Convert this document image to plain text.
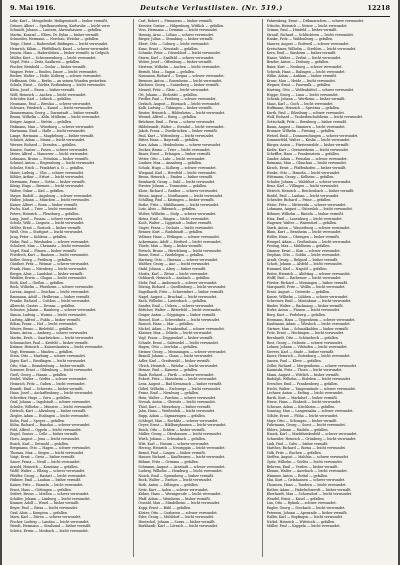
9. Mai 1916.	Deutsche Verlustlisten. (Nr. 519.)	12218
Lehr, Karl — Mengelrode, Heiligenstadt — bisher vermißt,
Grüner, Albert — Spielhauserberg, Karlsruhe — leicht verw.
Schmidt, Johann — Lautern, Ahrenshausen — gefallen.
Martin, Konrad — Ellers, Dt. Eylau — bisher vermißt.
Schneider, Hermann — Nerchau, Wetzlar — gefallen.
Teige, Christ — Rodersdorf, Büdingen — leicht verwundet.
Heinrich, Kilian — Pfeffelbach, Kusel — schwer verwundet.
Jensen, Hans — Hadersleben — bisher vermißt, in Gefgsch.
Müller, Kurt — Schwarzenberg — leicht verwundet.
Vogel, Fritz — Zeitz, Saalkreis — gefallen.
Fischer, Reinhold — Goslar — bisher vermißt.
Wagner, Peter — Emden, Dauer — leicht verwundet.
Becker, Walter — Holte, Kolberg — schwer verwundet.
Hoffmann, Otto — Berlin — an seinen Wunden gestorben.
Schulz, Ernst — Görlitz, Rothenburg — leicht verwundet.
Klein, Josef — Essen — bisher vermißt.
Wolf, Heinrich — Aachen — leicht verwundet.
Schröder, Karl — Lübeck — gefallen.
Neumann, Paul — Breslau — schwer verwundet.
Schwarz, Friedrich — Kassel — leicht verwundet.
Zimmermann, Georg — Darmstadt — bisher vermißt.
Braun, Wilhelm — Köln, Mülheim — leicht verwundet.
Krüger, August — Stettin — gefallen.
Hofmann, Max — Würzburg — schwer verwundet.
Hartmann, Emil — Halle — leicht verwundet.
Lange, Hermann — Magdeburg — bisher vermißt.
Schmitt, Adam — Mainz — leicht verwundet.
Werner, Richard — Dresden — gefallen.
Krause, Gustav — Posen — schwer verwundet.
Meier, Alfred — Hannover — leicht verwundet.
Lehmann, Bruno — Potsdam — bisher vermißt.
Schmid, Anton — Regensburg — leicht verwundet.
Schulze, Erich — Frankfurt a. O. — gefallen.
Maier, Ludwig — Ulm — schwer verwundet.
Köhler, Arthur — Erfurt — leicht verwundet.
Herrmann, Franz — Gotha — bisher vermißt.
König, Hugo — Bremen — leicht verwundet.
Walter, Oskar — Kiel — gefallen.
Mayer, Rudolf — Augsburg — schwer verwundet.
Huber, Johann — München — leicht verwundet.
Kaiser, Albert — Bonn — bisher vermißt.
Fuchs, Karl — Trier — leicht verwundet.
Peters, Heinrich — Flensburg — gefallen.
Lang, Josef — Passau — schwer verwundet.
Scholz, Willi — Liegnitz — leicht verwundet.
Möller, Ernst — Rostock — bisher vermißt.
Weiß, Otto — Stuttgart — leicht verwundet.
Jung, Peter — Koblenz — gefallen.
Hahn, Paul — Wiesbaden — schwer verwundet.
Schubert, Max — Chemnitz — leicht verwundet.
Vogel, Emil — Plauen — bisher vermißt.
Friedrich, Kurt — Bautzen — leicht verwundet.
Keller, Georg — Freiburg — gefallen.
Günther, Fritz — Weimar — schwer verwundet.
Frank, Hans — Nürnberg — leicht verwundet.
Berger, Alois — Landshut — bisher vermißt.
Winkler, Erwin — Glogau — leicht verwundet.
Roth, Karl — Gießen — gefallen.
Beck, Wilhelm — Pforzheim — schwer verwundet.
Lorenz, August — Zwickau — leicht verwundet.
Baumann, Adolf — Heilbronn — bisher vermißt.
Franke, Richard — Cottbus — leicht verwundet.
Albrecht, Gustav — Dessau — gefallen.
Schuster, Johann — Bamberg — schwer verwundet.
Simon, Ludwig — Worms — leicht verwundet.
Ludwig, Alfred — Fulda — bisher vermißt.
Böhm, Franz — Hof — leicht verwundet.
Winter, Bruno — Bielefeld — gefallen.
Kraus, Anton — Amberg — schwer verwundet.
Martin, Erich — Saarbrücken — leicht verwundet.
Schumacher, Paul — Krefeld — bisher vermißt.
Krämer, Heinrich — Kaiserslautern — leicht verwundet.
Vogt, Hermann — Minden — gefallen.
Stein, Otto — Marburg — schwer verwundet.
Jäger, Karl — Reutlingen — leicht verwundet.
Otto, Max — Brandenburg — bisher vermißt.
Sommer, Ernst — Oldenburg — leicht verwundet.
Groß, Georg — Hanau — gefallen.
Seidel, Walter — Görlitz — schwer verwundet.
Heinrich, Fritz — Guben — leicht verwundet.
Brandt, Emil — Schwerin — bisher vermißt.
Haas, Josef — Aschaffenburg — leicht verwundet.
Schreiber, Hugo — Gera — gefallen.
Graf, Johann — Ingolstadt — schwer verwundet.
Schulte, Wilhelm — Münster — leicht verwundet.
Dietrich, Kurt — Altenburg — bisher vermißt.
Ziegler, Adam — Esslingen — leicht verwundet.
Kuhn, Paul — Speyer — gefallen.
Kühn, Richard — Bunzlau — schwer verwundet.
Pohl, Alfred — Oppeln — leicht verwundet.
Engel, Gustav — Celle — bisher vermißt.
Horn, August — Jena — leicht verwundet.
Busch, Karl — Detmold — gefallen.
Bergmann, Otto — Hagen — schwer verwundet.
Thomas, Max — Siegen — leicht verwundet.
Voigt, Ernst — Greiz — bisher vermißt.
Sauer, Franz — Neuß — leicht verwundet.
Arnold, Heinrich — Konstanz — gefallen.
Wolff, Walter — Elbing — schwer verwundet.
Pfeiffer, Georg — Rastatt — leicht verwundet.
Hübner, Emil — Lauban — bisher vermißt.
Kaiser, Fritz — Hameln — leicht verwundet.
Ernst, Hans — Göttingen — gefallen.
Seifert, Bruno — Meißen — schwer verwundet.
Schäfer, Johann — Limburg — leicht verwundet.
Kramer, Adolf — Wesel — bisher vermißt.
Beyer, Paul — Riesa — leicht verwundet.
Graf, Alois — Kempten — gefallen.
Marx, Karl — Düren — schwer verwundet.
Fischer, Ludwig — Landau — leicht verwundet.
Wendt, Hermann — Stralsund — bisher vermißt.
Schütz, Erwin — Mosbach — leicht verwundet.
Carl, Robert — Pirmasens — bisher vermißt.
Kreuter, Gustav — Hilgenburg, Wittlich — gefallen.
Voss, Hermann — Demmin — leicht verwundet.
Hennig, Arno — Löbau — schwer verwundet.
Rieger, Julius — Straubing — bisher vermißt.
Ebert, Otto — Coburg — leicht verwundet.
Kunz, Ernst — Neustadt — gefallen.
Schmitz, Peter — Düsseldorf — leicht verwundet.
Sturm, Karl — Saalfeld — schwer verwundet.
Weber, Josef — Offenburg — bisher vermißt.
Mertens, Wilhelm — Aachen — leicht verwundet.
Berndt, Max — Sagan — gefallen.
Naumann, Richard — Torgau — schwer verwundet.
Brenner, Anton — Rosenheim — leicht verwundet.
Kirchner, Georg — Sonneberg — bisher vermißt.
Menzel, Fritz — Glatz — leicht verwundet.
Ott, Johann — Eichstätt — gefallen.
Fiedler, Paul — Freiberg — schwer verwundet.
Gerlach, August — Eisenach — leicht verwundet.
Kolb, Ludwig — Tübingen — bisher vermißt.
Reuter, Heinrich — Hildesheim — leicht verwundet.
Wenzel, Alfred — Brieg — gefallen.
Brückner, Emil — Pirna — schwer verwundet.
Hildebrandt, Walter — Stendal — leicht verwundet.
Jakob, Franz — Zweibrücken — bisher vermißt.
Paul, Kurt — Wittenberg — leicht verwundet.
Ritter, Hans — Bayreuth — gefallen.
Kurz, Adam — Heidenheim — schwer verwundet.
Decker, Bruno — Trier — leicht verwundet.
Bauer, Ernst — Erlangen — bisher vermißt.
Vetter, Otto — Lahr — leicht verwundet.
Lindner, Max — Annaberg — gefallen.
Schulz, Hugo — Kolberg — schwer verwundet.
Wiegand, Karl — Hersfeld — leicht verwundet.
Bruns, Heinrich — Emden — bisher vermißt.
Reinhardt, Georg — Suhl — leicht verwundet.
Forster, Johann — Traunstein — gefallen.
Klose, Richard — Ratibor — schwer verwundet.
Hesse, August — Nordhausen — leicht verwundet.
Schilling, Paul — Kitzingen — bisher vermißt.
Rothe, Fritz — Mühlhausen — leicht verwundet.
Lutz, Alois — Biberach — gefallen.
Wolter, Wilhelm — Stolp — schwer verwundet.
Heinz, Emil — Bingen — leicht verwundet.
Koch, Walter — Lippstadt — bisher vermißt.
Unger, Franz — Oschatz — leicht verwundet.
Renner, Kurt — Rudolstadt — gefallen.
Vollmer, Hans — Ettlingen — schwer verwundet.
Ackermann, Adolf — Herford — leicht verwundet.
Thiele, Max — Burg — bisher vermißt.
Pietsch, Bruno — Hirschberg — leicht verwundet.
Busse, Ernst — Gardelegen — gefallen.
Hartung, Otto — Ilmenau — schwer verwundet.
Walther, Georg — Aue — leicht verwundet.
Stahl, Johann — Alzey — bisher vermißt.
Moritz, Karl — Zittau — leicht verwundet.
Gebhardt, Heinrich — Ansbach — gefallen.
Mohr, Paul — Andernach — schwer verwundet.
Döring, Richard — Quedlinburg — leicht verwundet.
Engelhardt, Fritz — Schweinfurt — bisher vermißt.
Nagel, August — Bruchsal — leicht verwundet.
Bach, Wilhelm — Lauterbach — gefallen.
Sander, Emil — Uelzen — schwer verwundet.
Böttcher, Walter — Bitterfeld — leicht verwundet.
Geiger, Anton — Göppingen — bisher vermißt.
Hensel, Kurt — Schweidnitz — leicht verwundet.
Rausch, Hans — Idar — gefallen.
Michel, Adam — Frankenthal — schwer verwundet.
Kästner, Max — Döbeln — leicht verwundet.
Vogl, Franz — Deggendorf — bisher vermißt.
Schade, Ernst — Salzwedel — leicht verwundet.
Hagen, Otto — Iserlohn — gefallen.
Steiner, Georg — Memmingen — schwer verwundet.
Brandl, Johann — Cham — leicht verwundet.
Adler, Karl — Greifswald — bisher vermißt.
Ulrich, Heinrich — Wetzlar — leicht verwundet.
Heinze, Paul — Kamenz — gefallen.
Raab, Richard — Fürth — schwer verwundet.
Eckert, Fritz — Mannheim — leicht verwundet.
Lenz, August — Bad Kreuznach — bisher vermißt.
Göbel, Wilhelm — Eschwege — leicht verwundet.
Franz, Emil — Nienburg — gefallen.
Hein, Walter — Parchim — schwer verwundet.
Nowak, Anton — Gleiwitz — leicht verwundet.
Thiel, Kurt — Merseburg — bisher vermißt.
Jahn, Hans — Weißenfels — leicht verwundet.
Rupp, Adam — Sigmaringen — gefallen.
Schlegel, Max — Rochlitz — schwer verwundet.
Geyer, Ernst — Hildburghausen — leicht verwundet.
Reich, Otto — Schleiz — bisher vermißt.
Müller, Georg — Oberhausen — leicht verwundet.
Wirth, Johann — Schwabach — gefallen.
Witt, Karl — Husum — schwer verwundet.
Herzog, Heinrich — Neuruppin — leicht verwundet.
Brand, Paul — Lingen — bisher vermißt.
Hauser, Richard — Kaufbeuren — leicht verwundet.
Böhme, Fritz — Grimma — gefallen.
Schramm, August — Arnstadt — schwer verwundet.
Ludwig, Wilhelm — Homburg — leicht verwundet.
Noack, Emil — Spremberg — bisher vermißt.
Bock, Walter — Itzehoe — leicht verwundet.
Roth, Anton — Dillingen — gefallen.
Seitz, Kurt — Aalen — schwer verwundet.
Kühne, Hans — Wernigerode — leicht verwundet.
Pfaff, Adam — Weinheim — bisher vermißt.
Oswald, Max — Mindelheim — leicht verwundet.
Kopp, Ernst — Bühl — gefallen.
Köster, Otto — Cuxhaven — schwer verwundet.
Eder, Georg — Mühldorf — leicht verwundet.
Hentschel, Johann — Sorau — bisher vermißt.
Burkhardt, Karl — Lörrach — leicht verwundet.
Fahrenkrug, Ernst — Dithmarschen — schwer verwundet.
Nitsche, Heinrich — Neisse — leicht verwundet.
Grimm, Paul — Hünfeld — bisher vermißt.
Strauß, Richard — Schlüchtern — leicht verwundet.
Hanke, Fritz — Waldenburg — gefallen.
Maurer, August — Rottweil — schwer verwundet.
Kretschmer, Wilhelm — Strehlen — leicht verwundet.
Kern, Emil — Sinsheim — bisher vermißt.
Haase, Walter — Zerbst — leicht verwundet.
Bender, Anton — Dieburg — gefallen.
Baier, Kurt — Neuburg — schwer verwundet.
Schwab, Hans — Balingen — leicht verwundet.
Wilke, Adam — Anklam — bisher vermißt.
Kruse, Max — Heide — leicht verwundet.
Wegner, Ernst — Pasewalk — gefallen.
Hartwig, Otto — Wolfenbüttel — schwer verwundet.
Hoppe, Georg — Lissa — leicht verwundet.
Schenk, Johann — Wertheim — bisher vermißt.
Maas, Karl — Goch — leicht verwundet.
Hoffmann, Heinrich — Sprottau — gefallen.
Kurth, Paul — Eilenburg — schwer verwundet.
Wolf, Richard — Tauberbischofsheim — leicht verwundet.
Gottschalk, Fritz — Bernburg — bisher vermißt.
Baum, August — Simmern — leicht verwundet.
Brunner, Wilhelm — Freising — gefallen.
Wetzel, Emil — Donaueschingen — schwer verwundet.
Sommerfeld, Walter — Köslin — leicht verwundet.
Bürger, Anton — Fürstenwalde — bisher vermißt.
Kiefer, Kurt — Germersheim — leicht verwundet.
Scheffler, Hans — Frankenstein — gefallen.
Zander, Adam — Prenzlau — schwer verwundet.
Reimann, Max — Glauchau — leicht verwundet.
Kirsch, Ernst — Pfaffenhofen — bisher vermißt.
Henke, Otto — Hameln — leicht verwundet.
Wittmann, Georg — Kelheim — gefallen.
Schuler, Johann — Waldshut — schwer verwundet.
Benz, Karl — Villingen — leicht verwundet.
Dittrich, Heinrich — Reichenbach — bisher vermißt.
Riedel, Paul — Lauban — leicht verwundet.
Schrader, Richard — Peine — gefallen.
Weise, Fritz — Mittweida — schwer verwundet.
Lohmann, August — Gütersloh — leicht verwundet.
Böhmer, Wilhelm — Rinteln — bisher vermißt.
Hinz, Emil — Lauenburg — leicht verwundet.
Wagener, Walter — Warendorf — gefallen.
Stark, Anton — Wasserburg — schwer verwundet.
Blum, Kurt — Bensheim — leicht verwundet.
Heller, Hans — Öhringen — bisher vermißt.
Hempel, Adam — Großenhain — leicht verwundet.
Freitag, Max — Mühlheim — gefallen.
Zimmer, Ernst — Kirn — schwer verwundet.
Stephan, Otto — Soldin — leicht verwundet.
Arndt, Georg — Belgard — bisher vermißt.
Schott, Johann — Alsfeld — leicht verwundet.
Hummel, Karl — Nagold — gefallen.
Reiter, Heinrich — Altötting — schwer verwundet.
Wolff, Paul — Rathenow — leicht verwundet.
Förster, Richard — Meiningen — bisher vermißt.
Marquardt, Fritz — Wollin — leicht verwundet.
Ernst, August — Osterode — gefallen.
Kunze, Wilhelm — Lübben — schwer verwundet.
Schreiner, Emil — Montabaur — leicht verwundet.
Binder, Walter — Backnang — bisher vermißt.
Hofer, Anton — Füssen — leicht verwundet.
Berg, Kurt — Perleberg — gefallen.
Hermann, Hans — Oppenheim — schwer verwundet.
Kaufmann, Adam — Wiesloch — leicht verwundet.
Gärtner, Max — Schmalkalden — bisher vermißt.
Fritz, Ernst — Hechingen — leicht verwundet.
Bernhardt, Otto — Schönebeck — gefallen.
Rost, Georg — Oelsnitz — schwer verwundet.
Lehner, Johann — Vilshofen — leicht verwundet.
Sievers, Karl — Stade — bisher vermißt.
Knorr, Heinrich — Rotenburg — leicht verwundet.
Jansen, Paul — Kleve — gefallen.
Zeller, Richard — Mergentheim — schwer verwundet.
Kaminski, Fritz — Thorn — leicht verwundet.
Mann, August — Wittlich — bisher vermißt.
Rudolph, Wilhelm — Eisleben — leicht verwundet.
Drescher, Emil — Frankenberg — gefallen.
Hecht, Walter — Tangermünde — schwer verwundet.
Lechner, Anton — Erding — leicht verwundet.
Barth, Kurt — Markdorf — bisher vermißt.
Hesse, Hans — Einbeck — leicht verwundet.
Schwarz, Adam — Kirchheim — gefallen.
Sonntag, Max — Langensalza — schwer verwundet.
Göhler, Ernst — Flöha — leicht verwundet.
Mayr, Otto — Schongau — bisher vermißt.
Fuhrmann, Georg — Soest — leicht verwundet.
Ehlers, Johann — Hadeln — gefallen.
Hauck, Karl — Marktheidenfeld — schwer verwundet.
Schneider, Heinrich — Grünberg — leicht verwundet.
Link, Paul — Calw — bisher vermißt.
Matthes, Richard — Borna — leicht verwundet.
Volk, Fritz — Buchen — gefallen.
Steffen, August — Malchin — schwer verwundet.
Opitz, Wilhelm — Görlitz — leicht verwundet.
Behrens, Emil — Verden — bisher vermißt.
Klemm, Walter — Auerbach — leicht verwundet.
Wimmer, Anton — Rottal — gefallen.
Mai, Kurt — Gelnhausen — schwer verwundet.
Thomsen, Hans — Tondern — leicht verwundet.
Rother, Adam — Habelschwerdt — bisher vermißt.
Eberhardt, Max — Schorndorf — leicht verwundet.
Wendel, Ernst — Kusel — gefallen.
Lux, Otto — Rybnik — schwer verwundet.
Engler, Georg — Stockach — leicht verwundet.
Petersen, Johann — Apenrade — bisher vermißt.
Haller, Karl — Bopfingen — leicht verwundet.
Nickel, Heinrich — Wittstock — gefallen.
Müller, Paul — Kappeln — leicht verwundet.
